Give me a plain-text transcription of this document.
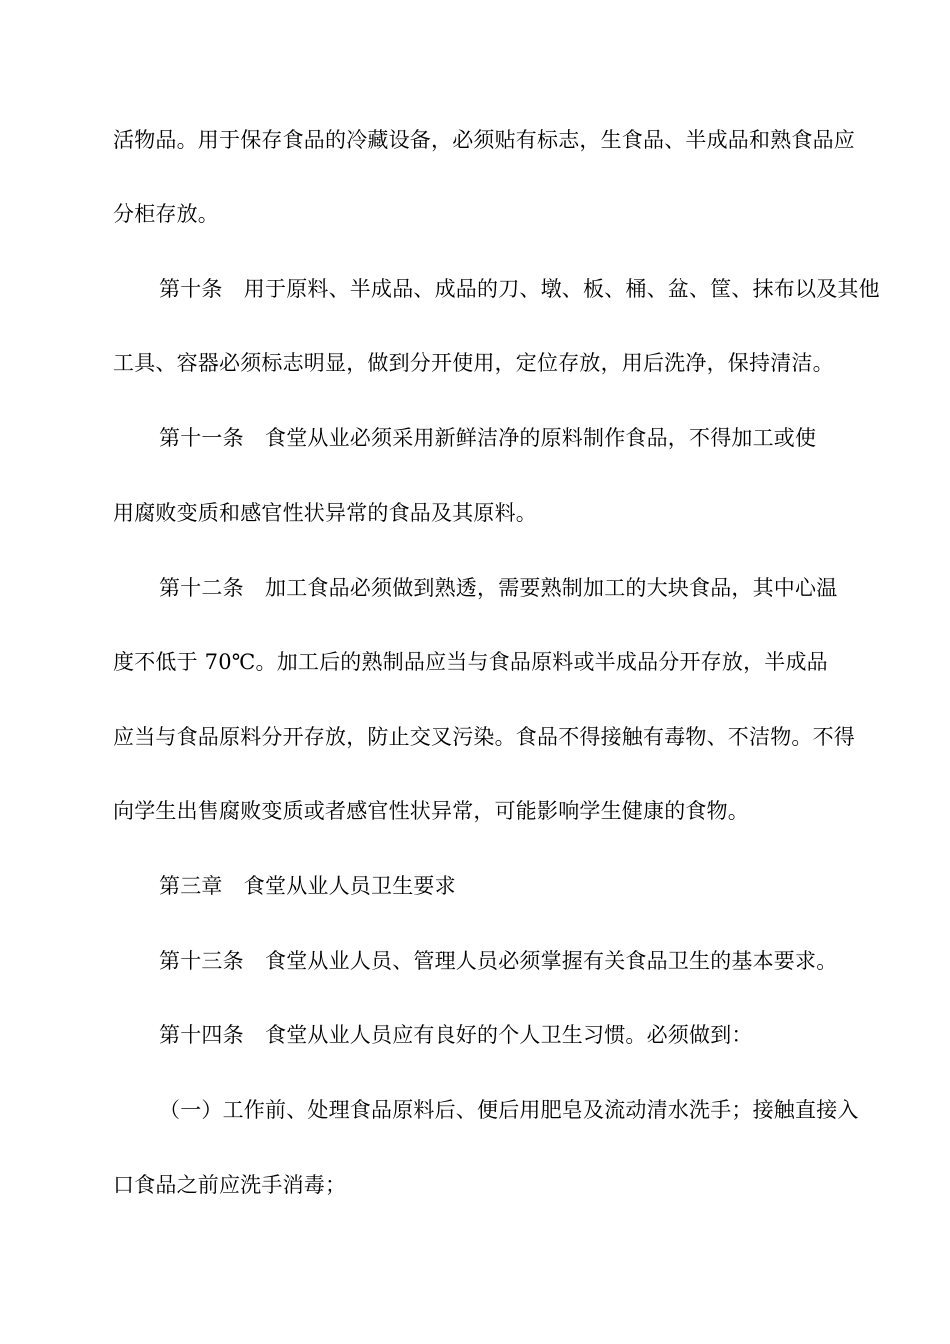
活物品。用于保存食品的冷藏设备，必须贴有标志，生食品、半成品和熟食品应
分柜存放。
第十条　用于原料、半成品、成品的刀、墩、板、桶、盆、筐、抹布以及其他
工具、容器必须标志明显，做到分开使用，定位存放，用后洗净，保持清洁。
第十一条　食堂从业必须采用新鲜洁净的原料制作食品，不得加工或使
用腐败变质和感官性状异常的食品及其原料。
第十二条　加工食品必须做到熟透，需要熟制加工的大块食品，其中心温
度不低于 70℃。加工后的熟制品应当与食品原料或半成品分开存放，半成品
应当与食品原料分开存放，防止交叉污染。食品不得接触有毒物、不洁物。不得
向学生出售腐败变质或者感官性状异常，可能影响学生健康的食物。
第三章　食堂从业人员卫生要求
第十三条　食堂从业人员、管理人员必须掌握有关食品卫生的基本要求。
第十四条　食堂从业人员应有良好的个人卫生习惯。必须做到：
（一）工作前、处理食品原料后、便后用肥皂及流动清水洗手；接触直接入
口食品之前应洗手消毒；
